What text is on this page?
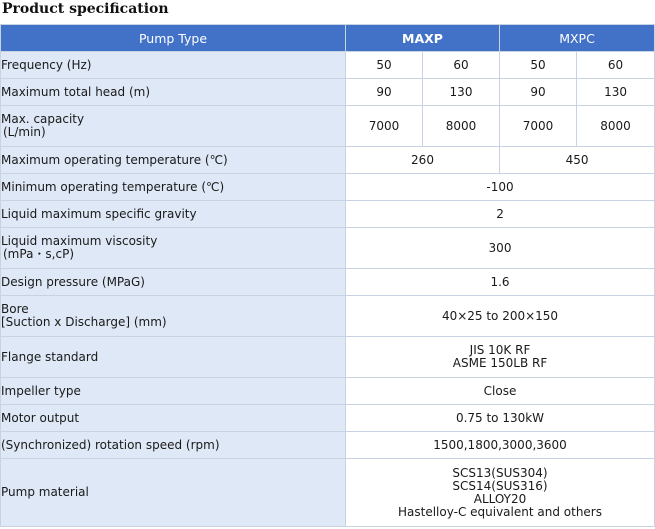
Product specification
Pump Type	MAXP		MXPC	
Frequency (Hz)	50	60	50	60
Maximum total head (m)	90	130	90	130

Max. capacity
(L/min)	7000	8000	7000	8000
Maximum operating temperature (℃)	260		450	
Minimum operating temperature (℃)	-100			
Liquid maximum specific gravity	2			

Liquid maximum viscosity
(mPa・s,cP)	300			
Design pressure (MPaG)	1.6			

Bore
[Suction x Discharge] (mm)	40×25 to 200×150			
Flange standard	JIS 10K RF
ASME 150LB RF			

Impeller type	Close			
Motor output	0.75 to 130kW			
(Synchronized) rotation speed (rpm)	1500,1800,3000,3600			
Pump material	SCS13(SUS304)
SCS14(SUS316)
ALLOY20
Hastelloy-C equivalent and others			
